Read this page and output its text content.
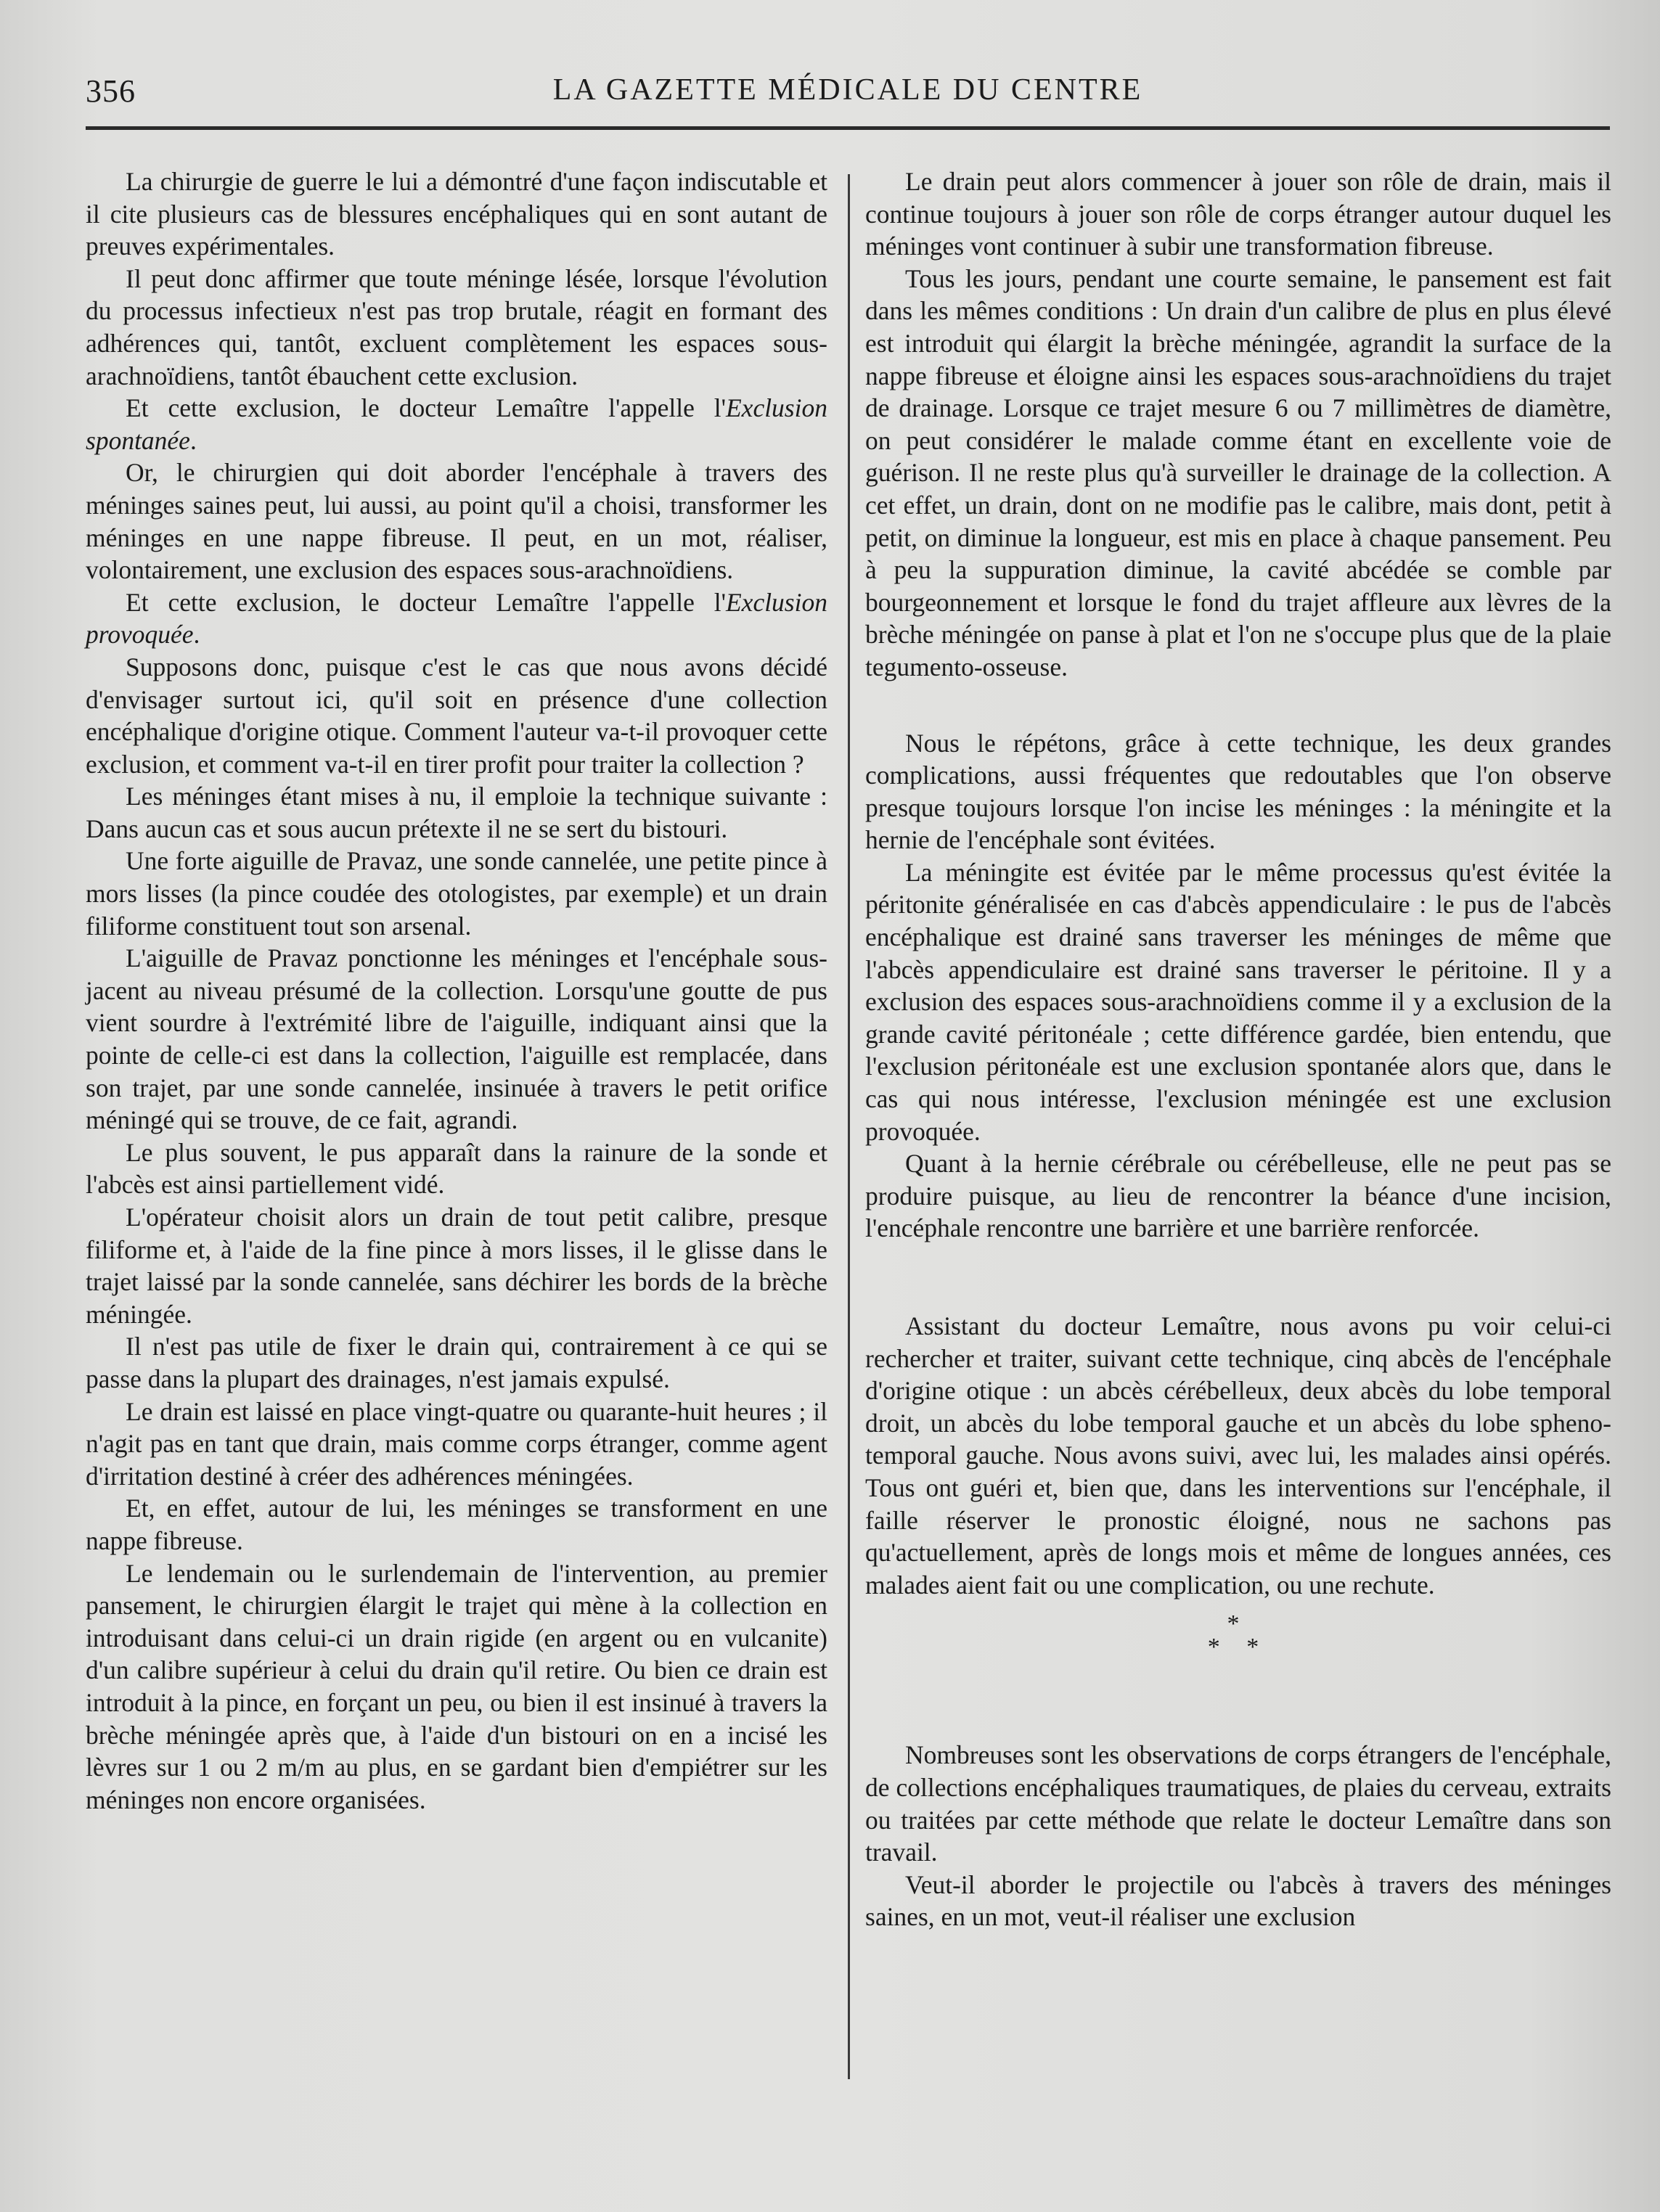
356	LA GAZETTE MÉDICALE DU CENTRE

La chirurgie de guerre le lui a démontré d'une façon indiscutable et il cite plusieurs cas de blessures encéphaliques qui en sont autant de preuves expérimentales.

Il peut donc affirmer que toute méninge lésée, lorsque l'évolution du processus infectieux n'est pas trop brutale, réagit en formant des adhérences qui, tantôt, excluent complètement les espaces sous-arachnoïdiens, tantôt ébauchent cette exclusion.

Et cette exclusion, le docteur Lemaître l'appelle l'Exclusion spontanée.

Or, le chirurgien qui doit aborder l'encéphale à travers des méninges saines peut, lui aussi, au point qu'il a choisi, transformer les méninges en une nappe fibreuse. Il peut, en un mot, réaliser, volontairement, une exclusion des espaces sous-arachnoïdiens.

Et cette exclusion, le docteur Lemaître l'appelle l'Exclusion provoquée.

Supposons donc, puisque c'est le cas que nous avons décidé d'envisager surtout ici, qu'il soit en présence d'une collection encéphalique d'origine otique. Comment l'auteur va-t-il provoquer cette exclusion, et comment va-t-il en tirer profit pour traiter la collection ?

Les méninges étant mises à nu, il emploie la technique suivante : Dans aucun cas et sous aucun prétexte il ne se sert du bistouri.

Une forte aiguille de Pravaz, une sonde cannelée, une petite pince à mors lisses (la pince coudée des otologistes, par exemple) et un drain filiforme constituent tout son arsenal.

L'aiguille de Pravaz ponctionne les méninges et l'encéphale sous-jacent au niveau présumé de la collection. Lorsqu'une goutte de pus vient sourdre à l'extrémité libre de l'aiguille, indiquant ainsi que la pointe de celle-ci est dans la collection, l'aiguille est remplacée, dans son trajet, par une sonde cannelée, insinuée à travers le petit orifice méningé qui se trouve, de ce fait, agrandi.

Le plus souvent, le pus apparaît dans la rainure de la sonde et l'abcès est ainsi partiellement vidé.

L'opérateur choisit alors un drain de tout petit calibre, presque filiforme et, à l'aide de la fine pince à mors lisses, il le glisse dans le trajet laissé par la sonde cannelée, sans déchirer les bords de la brèche méningée.

Il n'est pas utile de fixer le drain qui, contrairement à ce qui se passe dans la plupart des drainages, n'est jamais expulsé.

Le drain est laissé en place vingt-quatre ou quarante-huit heures ; il n'agit pas en tant que drain, mais comme corps étranger, comme agent d'irritation destiné à créer des adhérences méningées.

Et, en effet, autour de lui, les méninges se transforment en une nappe fibreuse.

Le lendemain ou le surlendemain de l'intervention, au premier pansement, le chirurgien élargit le trajet qui mène à la collection en introduisant dans celui-ci un drain rigide (en argent ou en vulcanite) d'un calibre supérieur à celui du drain qu'il retire. Ou bien ce drain est introduit à la pince, en forçant un peu, ou bien il est insinué à travers la brèche méningée après que, à l'aide d'un bistouri on en a incisé les lèvres sur 1 ou 2 m/m au plus, en se gardant bien d'empiétrer sur les méninges non encore organisées.

Le drain peut alors commencer à jouer son rôle de drain, mais il continue toujours à jouer son rôle de corps étranger autour duquel les méninges vont continuer à subir une transformation fibreuse.

Tous les jours, pendant une courte semaine, le pansement est fait dans les mêmes conditions : Un drain d'un calibre de plus en plus élevé est introduit qui élargit la brèche méningée, agrandit la surface de la nappe fibreuse et éloigne ainsi les espaces sous-arachnoïdiens du trajet de drainage. Lorsque ce trajet mesure 6 ou 7 millimètres de diamètre, on peut considérer le malade comme étant en excellente voie de guérison. Il ne reste plus qu'à surveiller le drainage de la collection. A cet effet, un drain, dont on ne modifie pas le calibre, mais dont, petit à petit, on diminue la longueur, est mis en place à chaque pansement. Peu à peu la suppuration diminue, la cavité abcédée se comble par bourgeonnement et lorsque le fond du trajet affleure aux lèvres de la brèche méningée on panse à plat et l'on ne s'occupe plus que de la plaie tegumento-osseuse.

Nous le répétons, grâce à cette technique, les deux grandes complications, aussi fréquentes que redoutables que l'on observe presque toujours lorsque l'on incise les méninges : la méningite et la hernie de l'encéphale sont évitées.

La méningite est évitée par le même processus qu'est évitée la péritonite généralisée en cas d'abcès appendiculaire : le pus de l'abcès encéphalique est drainé sans traverser les méninges de même que l'abcès appendiculaire est drainé sans traverser le péritoine. Il y a exclusion des espaces sous-arachnoïdiens comme il y a exclusion de la grande cavité péritonéale ; cette différence gardée, bien entendu, que l'exclusion péritonéale est une exclusion spontanée alors que, dans le cas qui nous intéresse, l'exclusion méningée est une exclusion provoquée.

Quant à la hernie cérébrale ou cérébelleuse, elle ne peut pas se produire puisque, au lieu de rencontrer la béance d'une incision, l'encéphale rencontre une barrière et une barrière renforcée.

Assistant du docteur Lemaître, nous avons pu voir celui-ci rechercher et traiter, suivant cette technique, cinq abcès de l'encéphale d'origine otique : un abcès cérébelleux, deux abcès du lobe temporal droit, un abcès du lobe temporal gauche et un abcès du lobe spheno-temporal gauche. Nous avons suivi, avec lui, les malades ainsi opérés. Tous ont guéri et, bien que, dans les interventions sur l'encéphale, il faille réserver le pronostic éloigné, nous ne sachons pas qu'actuellement, après de longs mois et même de longues années, ces malades aient fait ou une complication, ou une rechute.

*
* *

Nombreuses sont les observations de corps étrangers de l'encéphale, de collections encéphaliques traumatiques, de plaies du cerveau, extraits ou traitées par cette méthode que relate le docteur Lemaître dans son travail.

Veut-il aborder le projectile ou l'abcès à travers des méninges saines, en un mot, veut-il réaliser une exclusion
